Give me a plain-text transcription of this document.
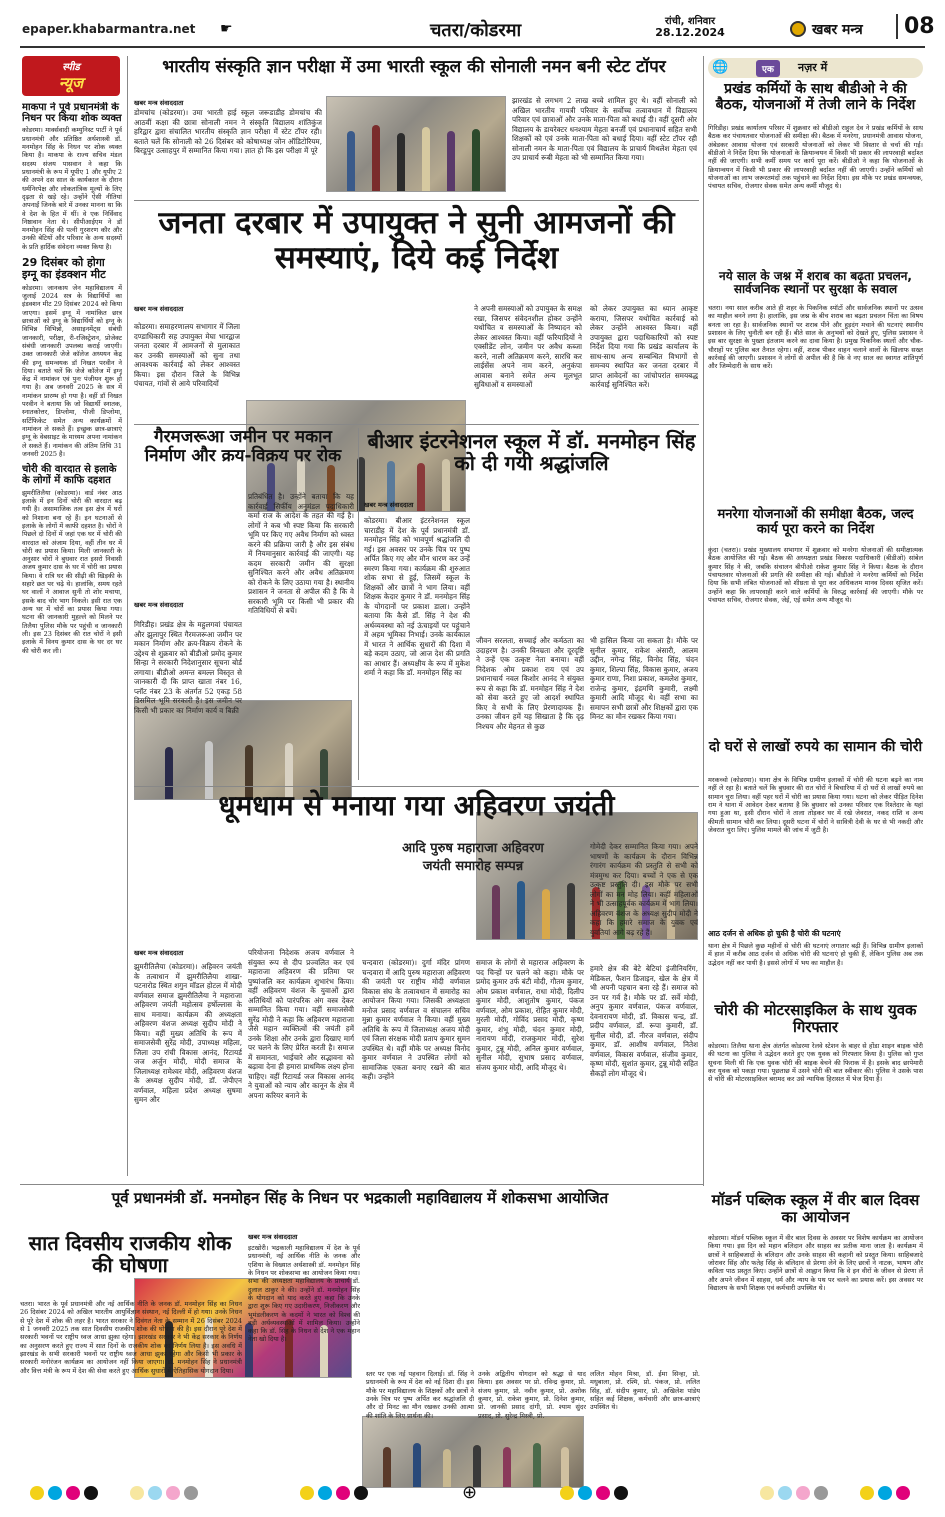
epaper.khabarmantra.net ☛	चतरा/कोडरमा	रांची, शनिवार
28.12.2024	खबर मन्त्र	08
स्पीड
न्यूज
माकपा ने पूर्व प्रधानमंत्री के निधन पर किया शोक व्यक्त
कोडरमा। मार्क्सवादी कम्युनिस्ट पार्टी ने पूर्व प्रधानमंत्री और प्रतिष्ठित अर्थशास्त्री डॉ. मनमोहन सिंह के निधन पर शोक व्यक्त किया है। माकपा के राज्य सचिव मंडल सदस्य संजय पासवान ने कहा कि प्रधानमंत्री के रूप में यूपीए 1 और यूपीए 2 की अपने दस साल के कार्यकाल के दौरान धर्मनिरपेक्ष और लोकतांत्रिक मूल्यों के लिए दृढ़ता से खड़े रहे। उन्होंने ऐसी नीतियां अपनाईं जिनके बारे में उनका मानना था कि वे देश के हित में थीं। वे एक निर्विवाद निष्ठावान नेता थे। सीपीआईएम ने डॉ मनमोहन सिंह की पत्नी गुरशरण कौर और उनकी बेटियों और परिवार के अन्य सदस्यों के प्रति हार्दिक संवेदना व्यक्त किया है।
29 दिसंबर को होगा इग्नू का इंडक्शन मीट
कोडरमा। जानकाय जेन महाविद्यालय में जुलाई 2024 सत्र के विद्यार्थियों का इंडक्शन मीट 29 दिसंबर 2024 को किया जाएगा। इसमें इग्नू में नामांकित छात्र छात्राओं को इग्नू के विद्यार्थियों को इग्नू के विभिन्न विभिन्नो, असाइनमेंट्स संबंधी जानकारी, परीक्षा, री-रजिस्ट्रेशन, प्रोजेक्ट संबंधी जानकारी उपलब्ध कराई जाएगी। उक्त जानकारी जेजे कॉलेज अध्ययन केंद्र की इग्नू समन्वयक डॉ निखत परवीन ने दिया। बताते चलें कि जेजे कॉलेज में इग्नू केंद्र में नामांकन एवं पुनः पंजीयन शुरू हो गया है। अब जनवरी 2025 के सत्र में नामांकन प्रारम्भ हो गया है। वहीं डॉ निखत परवीन ने बताया कि जो विद्यार्थी स्नातक, स्नातकोत्तर, डिप्लोमा, पीजी डिप्लोमा, सर्टिफिकेट समेत अन्य कार्यक्रमों में नामांकन ले सकते हैं। इच्छुक छात्र-छात्राएं इग्नू के वेबसाइट के माध्यम अपना नामांकन ले सकते हैं। नामांकन की अंतिम तिथि 31 जनवरी 2025 है।
चोरी की वारदात से इलाके के लोगों में काफि दहशत
झुमरीतिलैया (कोडरमा)। वार्ड नंबर आठ इलाके में इन दिनों चोरी की वारदात बढ़ गयी है। असामाजिक तत्व इस क्षेत्र में घरों को निशाना बना रहे हैं। इन घटनाओं से इलाके के लोगों में काफी दहशत है। चोरों ने पिछले दो दिनों में जहां एक घर में चोरी की वारदात को अंजाम दिया, वहीं तीन घर में चोरी का प्रयास किया। मिली जानकारी के अनुसार चोरों ने बुधवार रात इसरो निवासी अजय कुमार दास के घर में चोरी का प्रयास किया। वे रात्रि घर की सीढ़ी की खिड़की के सहारे छत पर चढ़े थे। हालांकि, समय रहते घर वालों ने आवाज सुनी तो शोर मचाया, इसके बाद चोर भाग निकले। इसी रात एक अन्य घर में चोरों का प्रयास किया गया। घटना की जानकारी मुहल्ले को मिलने पर तिलैया पुलिस मौके पर पहुंची व जानकारी ली। इस 23 दिसंबर की रात चोरों ने इसी इलाके में विनय कुमार दास के घर दर घर की चोरी कर ली।
भारतीय संस्कृति ज्ञान परीक्षा में उमा भारती स्कूल की सोनाली नमन बनी स्टेट टॉपर
खबर मन्त्र संवाददाता
डोमचांच (कोडरमा)। उमा भारती हाई स्कूल जरूडाडीह डोमचांच की आठवीं कक्षा की छात्रा सोनाली नमन ने संस्कृति विद्यालय शांतिकुंज हरिद्वार द्वारा संचालित भारतीय संस्कृति ज्ञान परीक्षा में स्टेट टॉपर रही। बताते चलें कि सोनाली को 26 दिसंबर को कोषाध्यक्ष जोन ऑडिटोरियम, बिरडूपुर उत्साहपुर में सम्मानित किया गया। ज्ञात हो कि इस परीक्षा में पूरे
झारखंड से लगभग 2 लाख बच्चे शामिल हुए थे। वहीं सोनाली को अखिल भारतीय गायत्री परिवार के सर्वोच्च तत्वावधान में विद्यालय परिवार एवं छात्राओं और उनके माता-पिता को बधाई दी। वहीं दूसरी ओर विद्यालय के डायरेक्टर धनश्याम मेहता बनर्जी एवं प्रधानाचार्य सहित सभी शिक्षकों को एवं उनके माता-पिता को बधाई दिया। वहीं स्टेट टॉपर रही सोनाली नमन के माता-पिता एवं विद्यालय के प्राचार्य मिथलेश मेहता एवं उप प्राचार्य रूबी मेहता को भी सम्मानित किया गया।
जनता दरबार में उपायुक्त ने सुनी आमजनों की समस्याएं, दिये कई निर्देश
खबर मन्त्र संवाददाता
कोडरमा। समाहरणालय सभागार में जिला दण्डाधिकारी सह उपायुक्त मेघा भारद्वाज जनता दरबार में आमजनों से मुलाकात कर उनकी समस्याओं को सुना तथा आवश्यक कार्रवाई को लेकर आश्वस्त किया। इस दौरान जिले के विभिन्न पंचायत, गांवों से आये परिवादियों
ने अपनी समस्याओं को उपायुक्त के समक्ष रखा, जिसपर संवेदनशील होकर उन्होंने यथोचित व समस्याओं के निष्पादन को लेकर आश्वस्त किया। वहीं फरियादियों ने एक्सीडेंट लोन, जमीन पर अवैध कब्जा करने, नाली अतिक्रमण करने, सारधि कर लाईसेंस अपने नाम करने, अनुकंपा आवास बनाने समेत अन्य मूलभूत सुविधाओं व समस्याओं
को लेकर उपायुक्त का ध्यान आकृष्ट कराया, जिसपर यथोचित कार्रवाई को लेकर उन्होंने आश्वस्त किया। वहीं उपायुक्त द्वारा पदाधिकारियों को स्पष्ट निर्देश दिया गया कि प्रखंड कार्यालय के साथ-साथ अन्य सम्बन्धित विभागों से समन्वय स्थापित कर जनता दरबार में प्राप्त आवेदनों का जांचोपरांत समयबद्ध कार्रवाई सुनिश्चित करें।
गैरमजरूआ जमीन पर मकान निर्माण और क्रय-विक्रय पर रोक
खबर मन्त्र संवाददाता
गिरिडीह। प्रखंड क्षेत्र के महुलगवां पंचायत और झुलापुर स्थित गैरमजरूआ जमीन पर मकान निर्माण और क्रय-विक्रय रोकने के उद्देश्य से शुक्रवार को बीडीओ प्रमोद कुमार सिन्हा ने सरकारी निदेशानुसार सूचना बोर्ड लगाया। बीडीओ अमन्त बमल्ल विस्तृत से जानकारी दी कि प्राप्त खाता नंबर 16, प्लॉट नंबर 23 के अंतर्गत 52 एकड़ 58 डिसमिल भूमि सरकारी है। इस जमीन पर किसी भी प्रकार का निर्माण कार्य व बिक्री
प्रतिबंधित है। उन्होंने बताया कि यह कार्रवाई सिर्फीय अनुमंडल पदाधिकारी कर्मा राज के आदेश के तहत की गई है। लोगों ने कब भी स्पष्ट किया कि सरकारी भूमि पर किए गए अवैध निर्माण को ध्वस्त करने की प्रक्रिया जारी है और इस संबंध में नियमानुसार कार्रवाई की जाएगी। यह कदम सरकारी जमीन की सुरक्षा सुनिश्चित करने और अवैध अतिक्रमण को रोकने के लिए उठाया गया है। स्थानीय प्रशासन ने जनता से अपील की है कि वे सरकारी भूमि पर किसी भी प्रकार की गतिविधियों से बचें।
बीआर इंटरनेशनल स्कूल में डॉ. मनमोहन सिंह को दी गयी श्रद्धांजलि
खबर मन्त्र संवाददाता
कोडरमा। बीआर इंटरनेशनल स्कूल चाराडीह में देश के पूर्व प्रधानमंत्री डॉ. मनमोहन सिंह को भावपूर्ण श्रद्धांजलि दी गई। इस अवसर पर उनके चित्र पर पुष्प अर्पित किए गए और मौन धारण कर उन्हें स्मरण किया गया। कार्यक्रम की शुरुआत शोक सभा से हुई, जिसमें स्कूल के शिक्षकों और छात्रों ने भाग लिया। वहीं शिक्षक केदार कुमार ने डॉ. मनमोहन सिंह के योगदानों पर प्रकाश डाला। उन्होंने बताया कि कैसे डॉ. सिंह ने देश की अर्थव्यवस्था को नई ऊंचाइयों पर पहुंचाने में अहम भूमिका निभाई। उनके कार्यकाल में भारत ने आर्थिक सुधारों की दिशा में बड़े कदम उठाए, जो आज देश की प्रगति का आधार हैं। अध्यक्षीय के रूप में मुकेश शर्मा ने कहा कि डॉ. मनमोहन सिंह का
जीवन सरलता, सच्चाई और कर्मठता का उदाहरण है। उनकी विनम्रता और दूरदृष्टि ने उन्हें एक उत्कृष्ट नेता बनाया। वहीं निदेशक ओम प्रकाश राय एवं उप प्रधानाचार्य नवल किशोर आनंद ने संयुक्त रूप से कहा कि डॉ. मनमोहन सिंह ने देश को सेवा करते हुए जो आदर्श स्थापित किए वे सभी के लिए प्रेरणादायक हैं। उनका जीवन हमें यह सिखाता है कि दृढ़ निश्चय और मेहनत से कुछ
भी हासिल किया जा सकता है। मौके पर सुनील कुमार, राकेश अंसारी, आलम उद्दीन, नगेन्द्र सिंह, विनोद सिंह, चंदन कुमार, शिल्पा सिंह, विकास कुमार, अजय कुमार राणा, निशा प्रकाश, कमलेश कुमार, राजेन्द्र कुमार, इंद्रमणि कुमारी, लक्ष्मी कुमारी आदि मौजूद थे। वहीं सभा का समापन सभी छात्रों और शिक्षकों द्वारा एक मिनट का मौन रखकर किया गया।
धूमधाम से मनाया गया अहिवरण जयंती
आदि पुरुष महाराजा अहिवरण
जयंती समारोह सम्पन्न
खबर मन्त्र संवाददाता
झुमरीतिलैया (कोडरमा)। अहिवरन जयंती के तत्वाधान में झुमरीतिलैया शाखा-पटनारोड स्थित शगुन मॉडल होटल में मोदी वर्णवाल समाज झुमरीतिलैया ने महाराजा अहिवरण जयंती महोत्सव हर्षोल्लास के साथ मनाया। कार्यक्रम की अध्यक्षता अहिवरण वंशज अध्यक्ष सुदीप मोदी ने किया। वहीं मुख्य अतिथि के रूप में समाजसेवी सुरेंद्र मोदी, उपाध्यक्ष महिला, जिला उप रांची विकास आनंद, रिटायर्ड जज अर्जुन मोदी, मोदी समाज के जिलाध्यक्ष रामेश्वर मोदी, अहिवरण वंशज के अध्यक्ष सुदीप मोदी, डॉ. जेपीएन वर्णवाल, महिला प्रदेश अध्यक्ष सुषमा सुमन और
परियोजना निदेशक अजय वर्णवाल ने संयुक्त रूप से दीप प्रज्वलित कर एवं महाराजा अहिवरण की प्रतिमा पर पुष्पांजलि कर कार्यक्रम शुभारंभ किया। वहीं अहिवरण वंशज के युवाओं द्वारा अतिथियों को पारंपरिक अंग वस्त्र देकर सम्मानित किया गया। वहीं समाजसेवी सुरेंद्र मोदी ने कहा कि अहिवरण महाराजा जैसे महान व्यक्तित्वों की जयंती हमें उनके शिक्षा और उनके द्वारा दिखाए मार्ग पर चलने के लिए प्रेरित करती है। समाज में समानता, भाईचारे और सद्भावना को बढ़ावा देना ही हमारा प्राथमिक लक्ष्य होना चाहिए। वहीं रिटायर्ड जज विकास आनंद ने युवाओं को न्याय और कानून के क्षेत्र में अपना करियर बनाने के
चन्दवारा (कोडरमा)। दुर्गा मंदिर प्रांगण चन्दवारा में आदि पुरुष महाराजा अहिवरण की जयंती पर राष्ट्रीय मोदी वर्णवाल विकास संघ के तत्वावधान में समारोह का आयोजन किया गया। जिसकी अध्यक्षता मनोज प्रसाद वर्णवाल व संचालन सचिव मुन्ना कुमार वर्णवाल ने किया। वहीं मुख्य अतिथि के रूप में जिलाध्यक्ष अजय मोदी एवं जिला संरक्षक मोदी प्रताप कुमार सुमन उपस्थित थे। वहीं मौके पर अध्यक्ष विनोद कुमार वर्णवाल ने उपस्थित लोगों को सामाजिक एकता बनाए रखने की बात कही। उन्होंने
समाज के लोगों से महाराज अहिवरण के पद चिन्हों पर चलने को कहा। मौके पर प्रमोद कुमार उर्फ बंटी मोदी, गौतम कुमार, ओम प्रकाश वर्णवाल, राधा मोदी, दिलीप कुमार मोदी, आशुतोष कुमार, पंकज वर्णवाल, ओम प्रकाश, रोहित कुमार मोदी, मुरली मोदी, गोविंद प्रसाद मोदी, कृष्ण कुमार, शंभू मोदी, चंदन कुमार मोदी, नारायण मोदी, राजकुमार मोदी, सुरेश कुमार, टुन्नू मोदी, अनिल कुमार वर्णवाल, सुनील मोदी, सुभाष प्रसाद वर्णवाल, संजय कुमार मोदी, आदि मौजूद थे।
गोमेदी देकर सम्मानित किया गया। अपने भाषणों के कार्यक्रम के दौरान विभिन्न रंगारंग कार्यक्रम की प्रस्तुति से सभी को मंत्रमुग्ध कर दिया। बच्चों ने एक से एक उत्कृष्ट प्रस्तुति दी। इस मौके पर सभी लोगों का मन मोह लिया। कहीं महिलाओं ने भी उत्साहपूर्वक कार्यक्रम में भाग लिया। अहिवरण वंशज के अध्यक्ष सुदीप मोदी ने कहा कि हमारे समाज के युवक एवं युवतियां आगे बढ़ रहे हैं।
हमारे क्षेत्र की बेटे बेटियां इंजीनियरिंग, मेडिकल, फैशन डिजाइन, खेल के क्षेत्र में भी अपनी पहचान बना रहे हैं। समाज को उन पर गर्व है। मौके पर डॉ. सर्वे मोदी, अनुप कुमार वर्णवाल, पंकज वर्णवाल, देवनारायण मोदी, डॉ. विकास चन्द्र, डॉ. प्रदीप वर्णवाल, डॉ. रूपा कुमारी, डॉ. सुनील मोदी, डॉ. नीरज वर्णवाल, संदीप कुमार, डॉ. आशीष वर्णवाल, नितेश वर्णवाल, विकास वर्णवाल, संजीव कुमार, कृष्ण मोदी, सुशांत कुमार, टुन्नू मोदी सहित सैकड़ों लोग मौजूद थे।
🌐	एक	नज़र में
प्रखंड कर्मियों के साथ बीडीओ ने की बैठक, योजनाओं में तेजी लाने के निर्देश
गिरिडीह। प्रखंड कार्यालय परिसर में शुक्रवार को बीडीओ राहुल देव ने प्रखंड कर्मियों के साथ बैठक कर पंचायतवार योजनाओं की समीक्षा की। बैठक में मनरेगा, प्रधानमंत्री आवास योजना, अंबेडकर आवास योजना एवं सरकारी योजनाओं को लेकर भी विस्तार से चर्चा की गई। बीडीओ ने निर्देश दिया कि योजनाओं के क्रियान्वयन में किसी भी प्रकार की लापरवाही बर्दाश्त नहीं की जाएगी। सभी कर्मी समय पर कार्य पूरा करें। बीडीओ ने कहा कि योजनाओं के क्रियान्वयन में किसी भी प्रकार की लापरवाही बर्दाश्त नहीं की जाएगी। उन्होंने कर्मियों को योजनाओं का लाभ जरूरतमंदों तक पहुंचाने का निर्देश दिया। इस मौके पर प्रखंड समन्वयक, पंचायत सचिव, रोजगार सेवक समेत अन्य कर्मी मौजूद थे।
नये साल के जश्न में शराब का बढ़ता प्रचलन, सार्वजनिक स्थानों पर सुरक्षा के सवाल
चतरा। नया साल करीब आते ही शहर के पिकनिक स्पॉटों और सार्वजनिक स्थानों पर उत्सव का माहौल बनने लगा है। हालांकि, इस जश्न के बीच शराब का बढ़ता प्रचलन चिंता का विषय बनता जा रहा है। सार्वजनिक स्थानों पर शराब पीने और हुड़दंग मचाने की घटनाएं स्थानीय प्रशासन के लिए चुनौती बन रही हैं। बीते साल के अनुभवों को देखते हुए, पुलिस प्रशासन ने इस बार सुरक्षा के पुख्ता इंतजाम करने का दावा किया है। प्रमुख पिकनिक स्थलों और चौक-चौराहों पर पुलिस बल तैनात रहेगा। वहीं, शराब पीकर वाहन चलाने वालों के खिलाफ सख्त कार्रवाई की जाएगी। प्रशासन ने लोगों से अपील की है कि वे नए साल का स्वागत शांतिपूर्ण और जिम्मेदारी के साथ करें।
मनरेगा योजनाओं की समीक्षा बैठक, जल्द कार्य पूरा करने का निर्देश
कुंदा (चतरा)। प्रखंड मुख्यालय सभागार में शुक्रवार को मनरेगा योजनाओं की समीक्षात्मक बैठक आयोजित की गई। बैठक की अध्यक्षता प्रखंड विकास पदाधिकारी (बीडीओ) सांबेल कुमार सिंह ने की, जबकि संचालन बीपीओ राकेश कुमार सिंह ने किया। बैठक के दौरान पंचायतवार योजनाओं की प्रगति की समीक्षा की गई। बीडीओ ने मनरेगा कर्मियों को निर्देश दिया कि सभी लंबित योजनाओं को शीघ्रता से पूरा कर अधिकतम मानव दिवस सृजित करें। उन्होंने कहा कि लापरवाही करने वाले कर्मियों के विरुद्ध कार्रवाई की जाएगी। मौके पर पंचायत सचिव, रोजगार सेवक, जेई, एई समेत अन्य मौजूद थे।
दो घरों से लाखों रुपये का सामान की चोरी
मरकच्चो (कोडरमा)। थाना क्षेत्र के विभिन्न ग्रामीण इलाकों में चोरी की घटना बढ़ने का नाम नहीं ले रहा है। बताते चलें कि बुधवार की रात चोरों ने बिचारिया में दो घरों से लाखों रुपये का सामान चुरा लिया। वहीं पहर घरों में चोरी का प्रयास किया गया। घटना को लेकर पीड़ित दिनेश राम ने थाना में आवेदन देकर बताया है कि बुधवार को उनका परिवार एक रिश्तेदार के यहां गया हुआ था, इसी दौरान चोरों ने ताला तोड़कर घर में रखे जेवरात, नकद राशि व अन्य कीमती सामान चोरी कर लिया। दूसरी घटना में चोरों ने सावित्री देवी के घर से भी नकदी और जेवरात चुरा लिए। पुलिस मामले की जांच में जुटी है।
आठ दर्जन से अधिक हो चुकी है चोरी की घटनाएं
थाना क्षेत्र में पिछले कुछ महीनों से चोरी की घटनाएं लगातार बढ़ी हैं। विभिन्न ग्रामीण इलाकों में हाल में करीब आठ दर्जन से अधिक चोरी की घटनाएं हो चुकी हैं, लेकिन पुलिस अब तक उद्भेदन नहीं कर पायी है। इससे लोगों में भय का माहौल है।
चोरी की मोटरसाइकिल के साथ युवक गिरफ्तार
कोडरमा। तिलैया थाना क्षेत्र अंतर्गत कोडरमा रेलवे स्टेशन के बाहर से होंडा शाइन बाइक चोरी की घटना का पुलिस ने उद्भेदन करते हुए एक युवक को गिरफ्तार किया है। पुलिस को गुप्त सूचना मिली थी कि एक युवक चोरी की बाइक बेचने की फिराक में है। इसके बाद छापेमारी कर युवक को पकड़ा गया। पूछताछ में उसने चोरी की बात स्वीकार की। पुलिस ने उसके पास से चोरी की मोटरसाइकिल बरामद कर उसे न्यायिक हिरासत में भेज दिया है।
मॉडर्न पब्लिक स्कूल में वीर बाल दिवस का आयोजन
कोडरमा। मॉडर्न पब्लिक स्कूल में वीर बाल दिवस के अवसर पर विशेष कार्यक्रम का आयोजन किया गया। इस दिन को महान बलिदान और साहस का प्रतीक माना जाता है। कार्यक्रम में छात्रों ने साहिबजादों के बलिदान और उनके साहस की कहानी को प्रस्तुत किया। साहिबजादे जोरावर सिंह और फतेह सिंह के बलिदान से प्रेरणा लेने के लिए छात्रों ने नाटक, भाषण और कविता पाठ प्रस्तुत किए। उन्होंने छात्रों से आह्वान किया कि वे इन वीरों के जीवन से प्रेरणा लें और अपने जीवन में साहस, धर्म और न्याय के पथ पर चलने का प्रयास करें। इस अवसर पर विद्यालय के सभी शिक्षक एवं कर्मचारी उपस्थित थे।
पूर्व प्रधानमंत्री डॉ. मनमोहन सिंह के निधन पर भद्रकाली महाविद्यालय में शोकसभा आयोजित
सात दिवसीय राजकीय शोक की घोषणा
चतरा। भारत के पूर्व प्रधानमंत्री और नई आर्थिक नीति के जनक डॉ. मनमोहन सिंह का निधन 26 दिसंबर 2024 को अखिल भारतीय आयुर्विज्ञान संस्थान, नई दिल्ली में हो गया। उनके निधन से पूरे देश में शोक की लहर है। भारत सरकार ने दिवंगत नेता के सम्मान में 26 दिसंबर 2024 से 1 जनवरी 2025 तक सात दिवसीय राजकीय शोक की घोषणा की है। इस दौरान पूरे देश में सरकारी भवनों पर राष्ट्रीय ध्वज आधा झुका रहेगा। झारखंड सरकार ने भी केंद्र सरकार के निर्णय का अनुसरण करते हुए राज्य में सात दिनों के राजकीय शोक का निर्णय लिया है। इस अवधि में झारखंड के सभी सरकारी भवनों पर राष्ट्रीय ध्वज आधा झुका रहेगा और किसी भी प्रकार के सरकारी मनोरंजन कार्यक्रम का आयोजन नहीं किया जाएगा। डॉ. मनमोहन सिंह ने प्रधानमंत्री और वित्त मंत्री के रूप में देश की सेवा करते हुए आर्थिक सुधारों में ऐतिहासिक योगदान दिया।
खबर मन्त्र संवाददाता
इटखोरी। भद्रकाली महाविद्यालय में देश के पूर्व प्रधानमंत्री, नई आर्थिक नीति के जनक और एशिया के विख्यात अर्थशास्त्री डॉ. मनमोहन सिंह के निधन पर शोकसभा का आयोजन किया गया। सभा की अध्यक्षता महाविद्यालय के प्राचार्य डॉ. दुलाल ठाकुर ने की। उन्होंने डॉ. मनमोहन सिंह के योगदान को याद करते हुए कहा कि उनके द्वारा शुरू किए गए उदारीकरण, निजीकरण और भूमंडलीकरण के कदमों ने भारत को विश्व की बड़ी अर्थव्यवस्थाओं में शामिल किया। उन्होंने कहा कि डॉ. सिंह के निधन से देश ने एक महान नेता खो दिया है।
स्तर पर एक नई पहचान दिलाई। डॉ. सिंह ने प्रधानमंत्री के रूप में देश को नई दिशा दी। इस मौके पर महाविद्यालय के शिक्षकों और छात्रों ने उनके चित्र पर पुष्प अर्पित कर श्रद्धांजलि दी और दो मिनट का मौन रखकर उनकी आत्मा की शांति के लिए प्रार्थना की।
उनके अद्वितीय योगदान को श्रद्धा से याद किया। इस अवसर पर प्रो. रविन्द्र कुमार, प्रो. संजय कुमार, प्रो. नवीन कुमार, प्रो. अशोक कुमार, प्रो. राकेश कुमार, प्रो. दिनेश कुमार, प्रो. जानकी प्रसाद दांगी, प्रो. श्याम सुंदर प्रसाद, प्रो. सुरेन्द्र मिस्त्री, प्रो.
ललित मोहन मिश्रा, डॉ. ईमा सिन्हा, प्रो. मधुबाला, प्रो. रश्मि, प्रो. पंकज, प्रो. ललित सिंह, डॉ. संदीप कुमार, प्रो. अखिलेश पांडेय सहित कई शिक्षक, कर्मचारी और छात्र-छात्राएं उपस्थित थे।
⊕
